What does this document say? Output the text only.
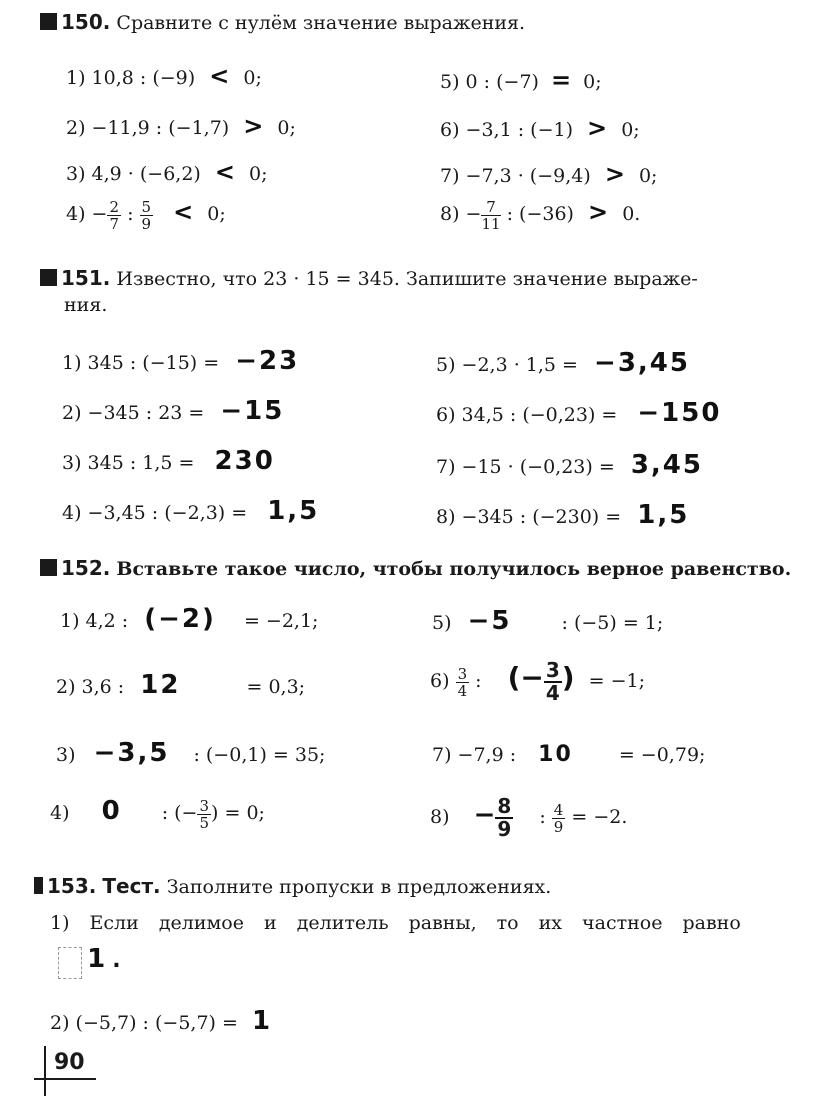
150. Сравните с нулём значение выражения.
1) 10,8 : (−9) < 0;
2) −11,9 : (−1,7) > 0;
3) 4,9 · (−6,2) < 0;
$4) - \frac{2}{7}$ : $\frac{5}{9} < 0$;
5) 0 : (−7) = 0;
6) −3,1 : (−1) > 0;
7) −7,3 · (−9,4) > 0;
$8) - \frac{7}{11}$ : (−36) > 0.
151. Известно, что 23 · 15 = 345. Запишите значение выраже-
ния.
1) 345 : (−15) = −23
2) −345 : 23 = −15
3) 345 : 1,5 = 230
4) −3,45 : (−2,3) = 1,5
5) −2,3 · 1,5 = −3,45
6) 34,5 : (−0,23) = −150
7) −15 · (−0,23) = 3,45
8) −345 : (−230) = 1,5
152. Вставьте такое число, чтобы получилось верное равенство.
1) 4,2 : (−2) = −2,1;
2) 3,6 : 12	= 0,3;
3) −3,5 : (−0,1) = 35;
4) 0 : (− $\frac{3}{5}$ ) = 0;
5) −5	: (−5) = 1;
$6) \frac{3}{4}$ : (− $\frac{3}{4}$ ) = −1;
7) −7,9 : 10 = −0,79;
$8) - \frac{8}{9}$ : $\frac{4}{9} = -2$.
153. Тест. Заполните пропуски в предложениях.
1) Если делимое и делитель равны, то их частное равно
1 .
2) (−5,7) : (−5,7) = 1
90
